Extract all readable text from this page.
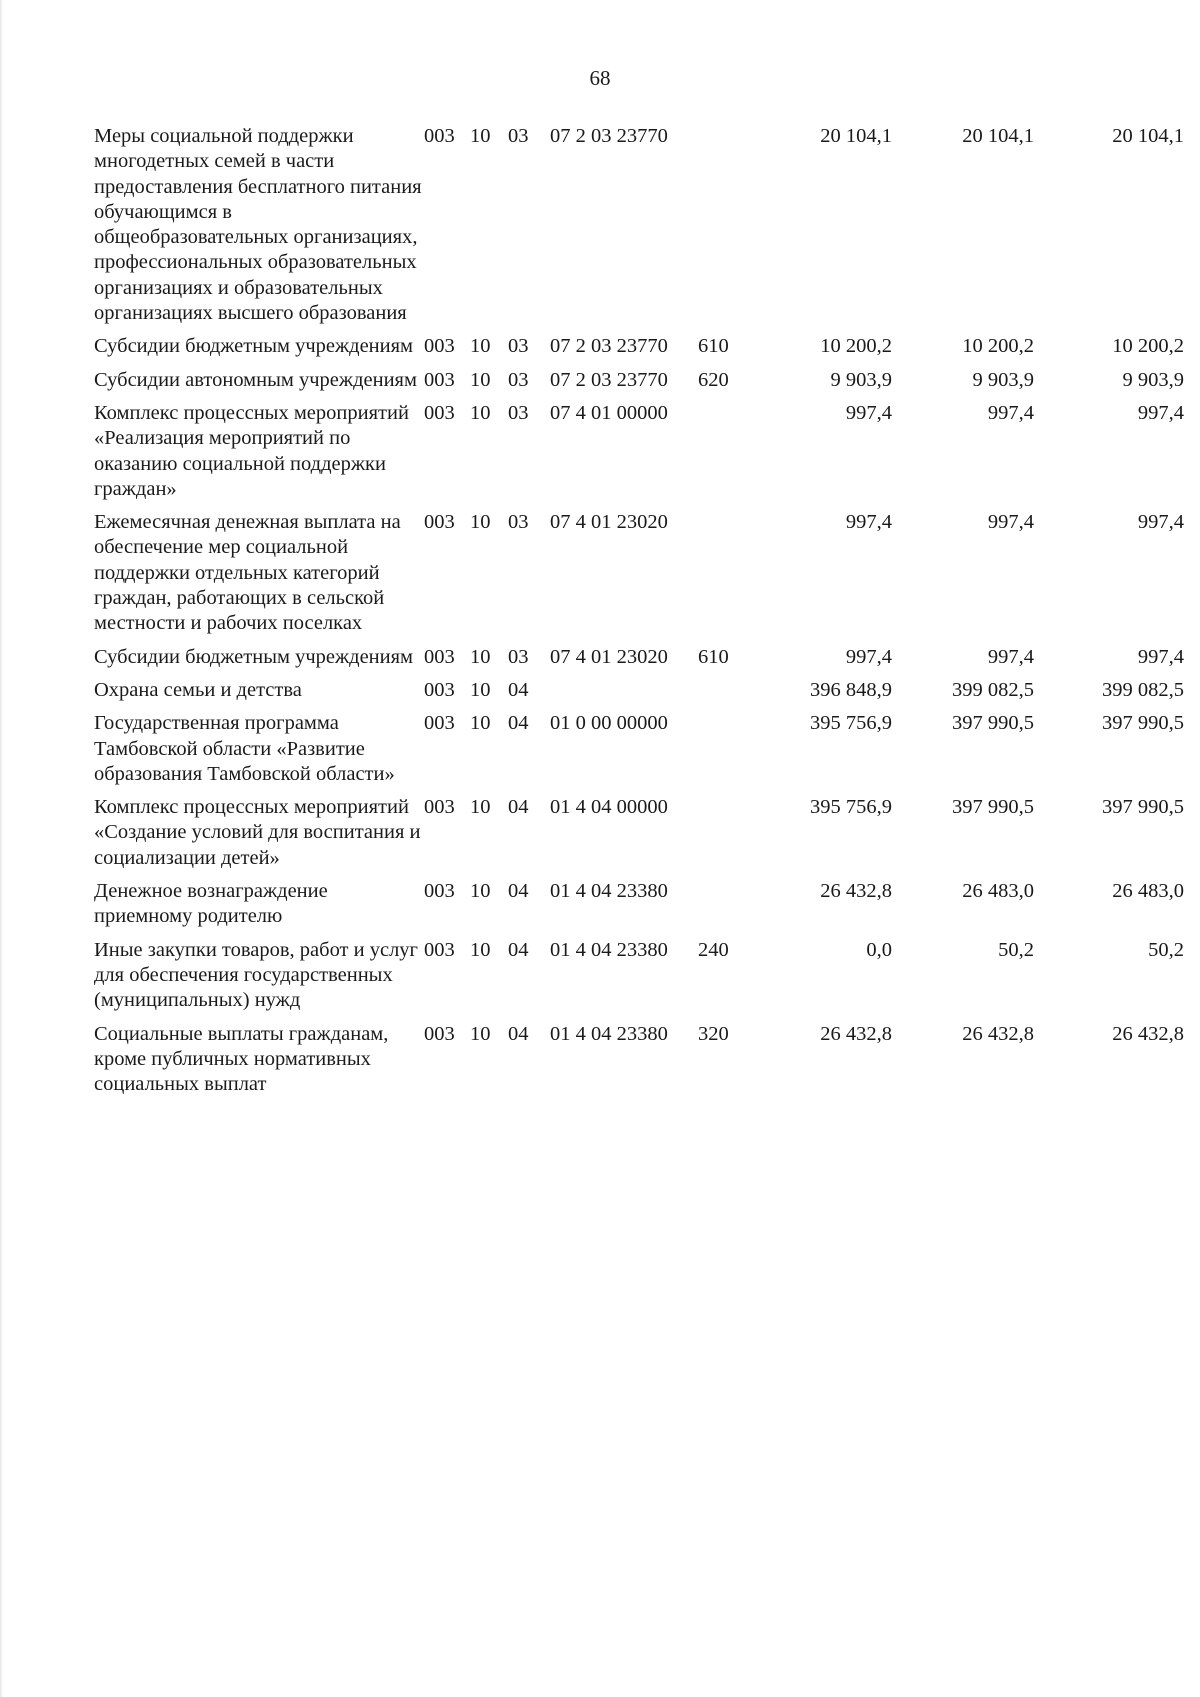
68
Меры социальной поддержки многодетных семей в части предоставления бесплатного питания обучающимся в общеобразовательных организациях, профессиональных образовательных организациях и образовательных организациях высшего образования	003	10	03	07 2 03 23770		20 104,1	20 104,1	20 104,1
Субсидии бюджетным учреждениям	003	10	03	07 2 03 23770	610	10 200,2	10 200,2	10 200,2
Субсидии автономным учреждениям	003	10	03	07 2 03 23770	620	9 903,9	9 903,9	9 903,9
Комплекс процессных мероприятий «Реализация мероприятий по оказанию социальной поддержки граждан»	003	10	03	07 4 01 00000		997,4	997,4	997,4
Ежемесячная денежная выплата на обеспечение мер социальной поддержки отдельных категорий граждан, работающих в сельской местности и рабочих поселках	003	10	03	07 4 01 23020		997,4	997,4	997,4
Субсидии бюджетным учреждениям	003	10	03	07 4 01 23020	610	997,4	997,4	997,4
Охрана семьи и детства	003	10	04			396 848,9	399 082,5	399 082,5
Государственная программа Тамбовской области «Развитие образования Тамбовской области»	003	10	04	01 0 00 00000		395 756,9	397 990,5	397 990,5
Комплекс процессных мероприятий «Создание условий для воспитания и социализации детей»	003	10	04	01 4 04 00000		395 756,9	397 990,5	397 990,5
Денежное вознаграждение приемному родителю	003	10	04	01 4 04 23380		26 432,8	26 483,0	26 483,0
Иные закупки товаров, работ и услуг для обеспечения государственных (муниципальных) нужд	003	10	04	01 4 04 23380	240	0,0	50,2	50,2
Социальные выплаты гражданам, кроме публичных нормативных социальных выплат	003	10	04	01 4 04 23380	320	26 432,8	26 432,8	26 432,8
